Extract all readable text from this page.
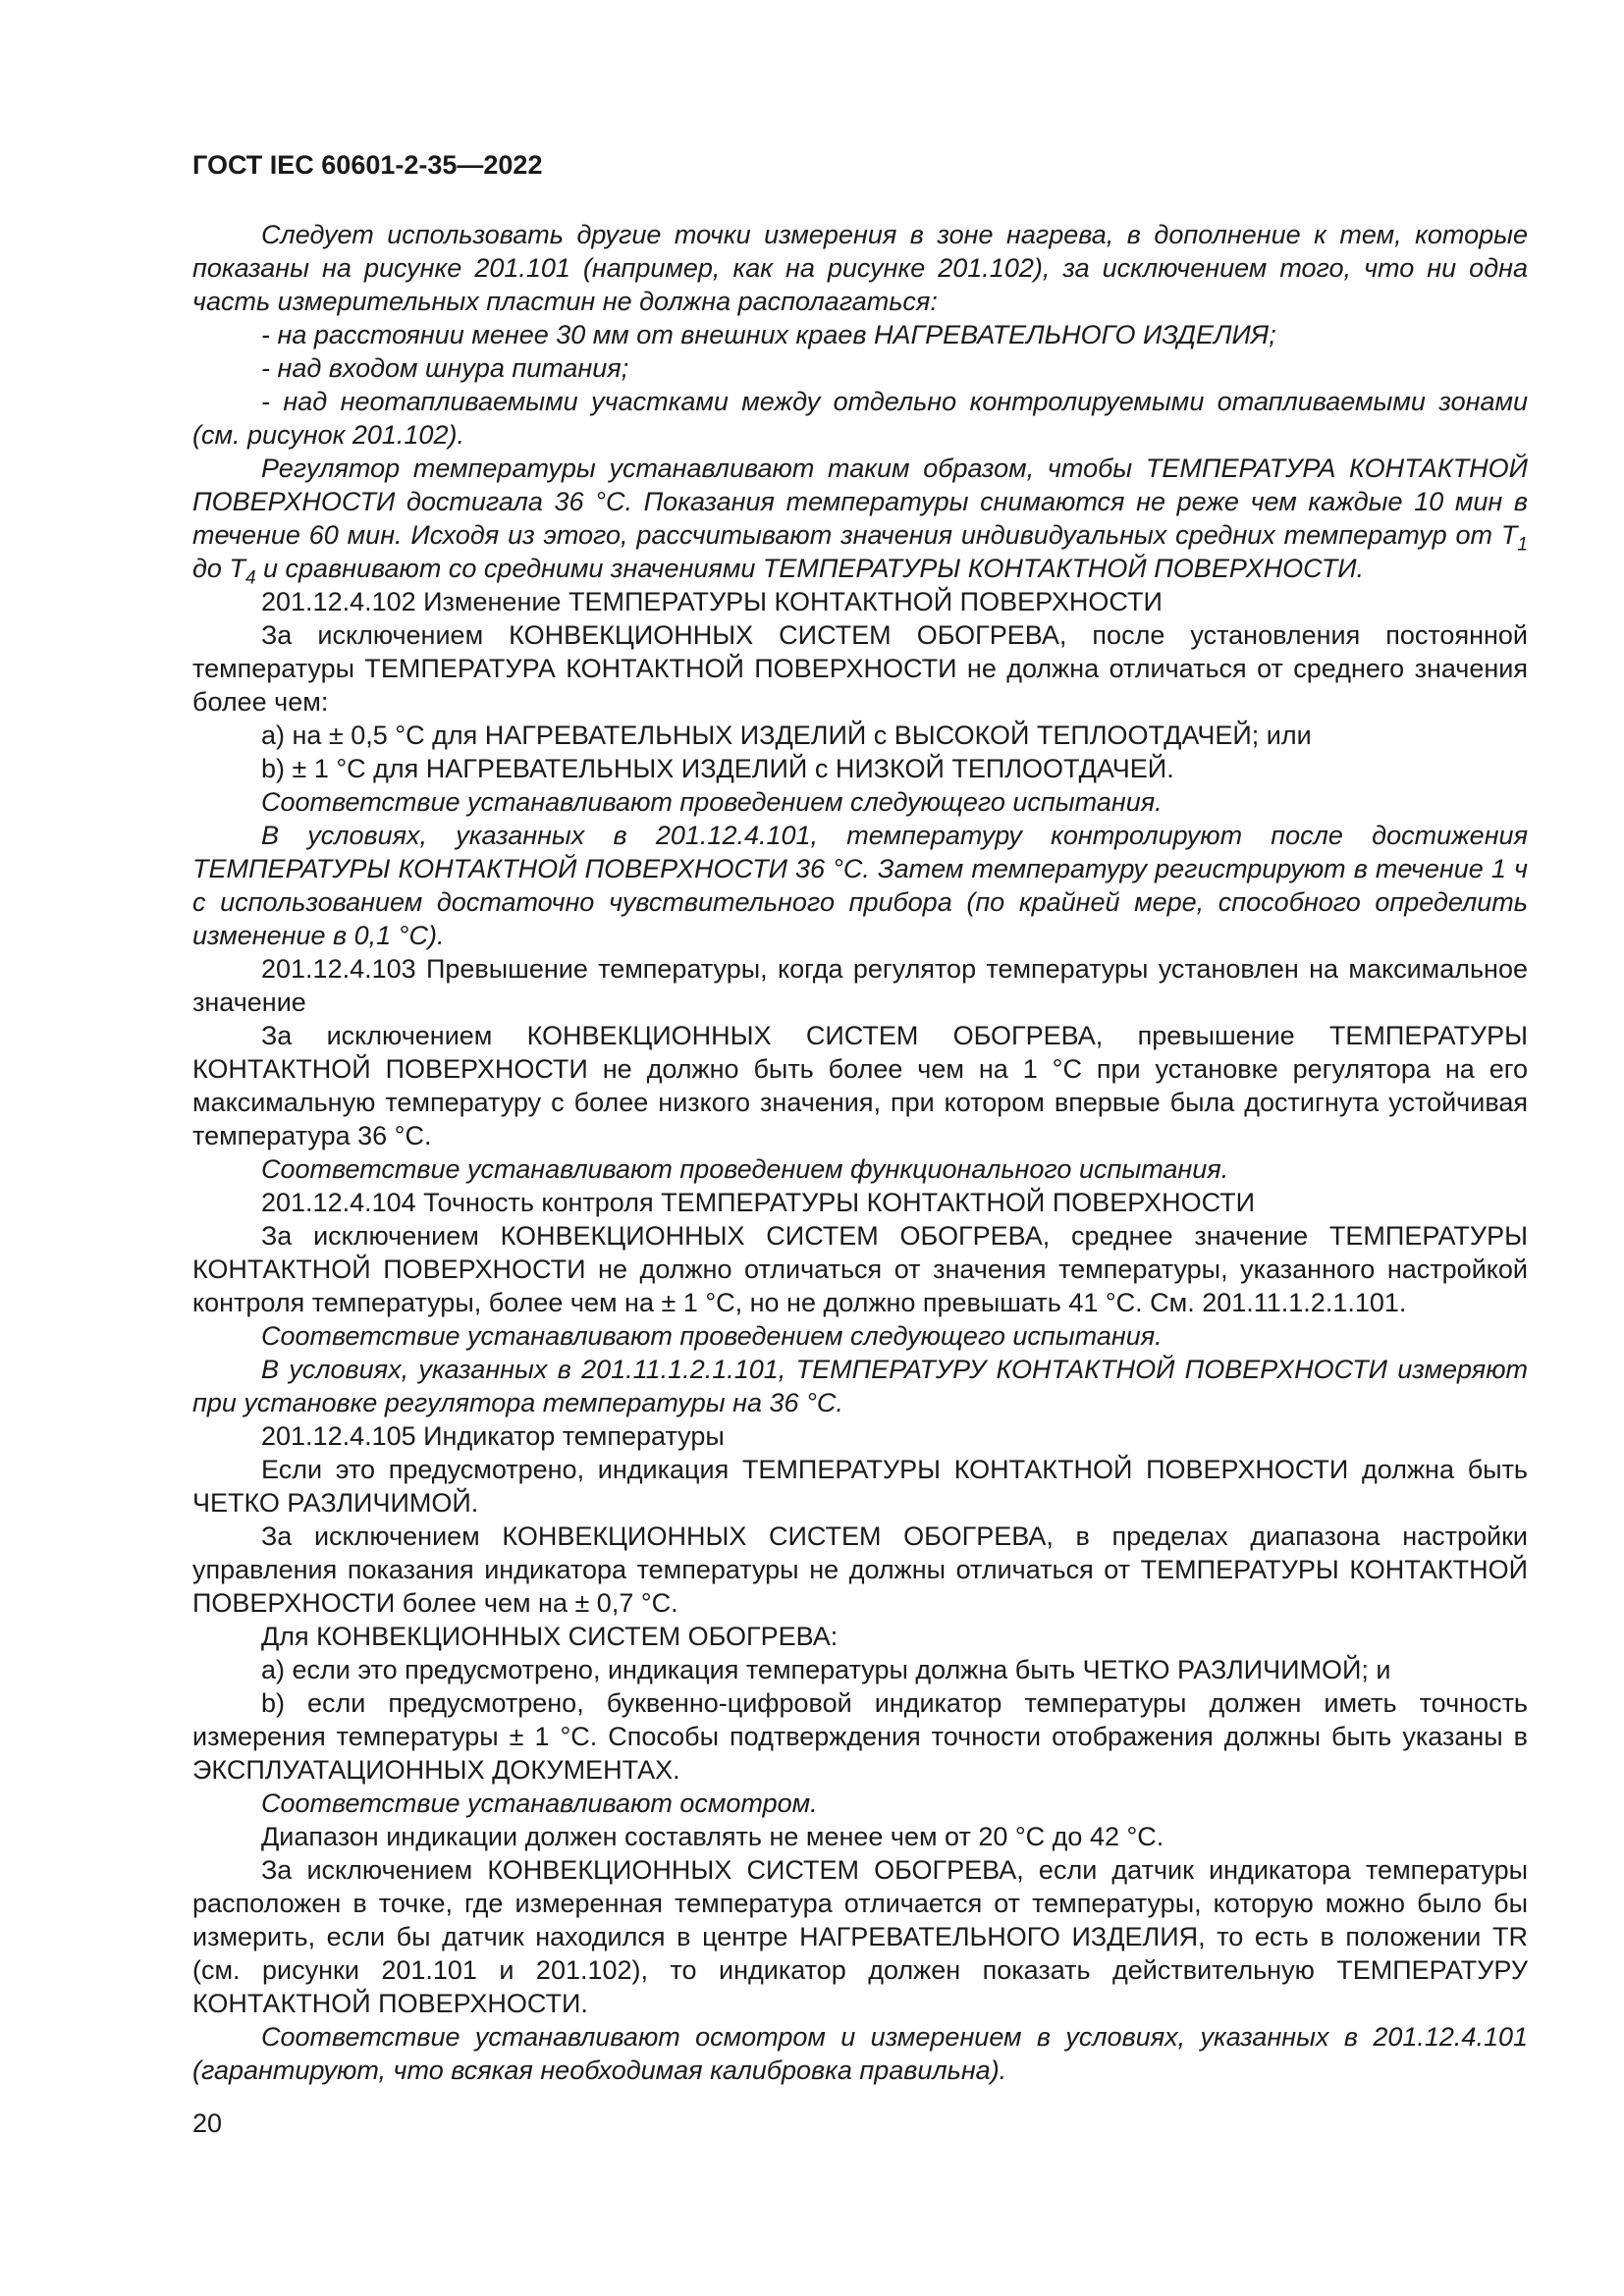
ГОСТ IEC 60601-2-35—2022

Следует использовать другие точки измерения в зоне нагрева, в дополнение к тем, которые показаны на рисунке 201.101 (например, как на рисунке 201.102), за исключением того, что ни одна часть измерительных пластин не должна располагаться:

- на расстоянии менее 30 мм от внешних краев НАГРЕВАТЕЛЬНОГО ИЗДЕЛИЯ;

- над входом шнура питания;

- над неотапливаемыми участками между отдельно контролируемыми отапливаемыми зонами (см. рисунок 201.102).

Регулятор температуры устанавливают таким образом, чтобы ТЕМПЕРАТУРА КОНТАКТНОЙ ПОВЕРХНОСТИ достигала 36 °C. Показания температуры снимаются не реже чем каждые 10 мин в течение 60 мин. Исходя из этого, рассчитывают значения индивидуальных средних температур от $T_1$ до $T_4$ и сравнивают со средними значениями ТЕМПЕРАТУРЫ КОНТАКТНОЙ ПОВЕРХНОСТИ.

201.12.4.102 Изменение ТЕМПЕРАТУРЫ КОНТАКТНОЙ ПОВЕРХНОСТИ

За исключением КОНВЕКЦИОННЫХ СИСТЕМ ОБОГРЕВА, после установления постоянной температуры ТЕМПЕРАТУРА КОНТАКТНОЙ ПОВЕРХНОСТИ не должна отличаться от среднего значения более чем:

a) на ± 0,5 °C для НАГРЕВАТЕЛЬНЫХ ИЗДЕЛИЙ с ВЫСОКОЙ ТЕПЛООТДАЧЕЙ; или

b) ± 1 °C для НАГРЕВАТЕЛЬНЫХ ИЗДЕЛИЙ с НИЗКОЙ ТЕПЛООТДАЧЕЙ.

Соответствие устанавливают проведением следующего испытания.

В условиях, указанных в 201.12.4.101, температуру контролируют после достижения ТЕМПЕРАТУРЫ КОНТАКТНОЙ ПОВЕРХНОСТИ 36 °C. Затем температуру регистрируют в течение 1 ч с использованием достаточно чувствительного прибора (по крайней мере, способного определить изменение в 0,1 °C).

201.12.4.103 Превышение температуры, когда регулятор температуры установлен на максимальное значение

За исключением КОНВЕКЦИОННЫХ СИСТЕМ ОБОГРЕВА, превышение ТЕМПЕРАТУРЫ КОНТАКТНОЙ ПОВЕРХНОСТИ не должно быть более чем на 1 °C при установке регулятора на его максимальную температуру с более низкого значения, при котором впервые была достигнута устойчивая температура 36 °C.

Соответствие устанавливают проведением функционального испытания.

201.12.4.104 Точность контроля ТЕМПЕРАТУРЫ КОНТАКТНОЙ ПОВЕРХНОСТИ

За исключением КОНВЕКЦИОННЫХ СИСТЕМ ОБОГРЕВА, среднее значение ТЕМПЕРАТУРЫ КОНТАКТНОЙ ПОВЕРХНОСТИ не должно отличаться от значения температуры, указанного настройкой контроля температуры, более чем на ± 1 °C, но не должно превышать 41 °C. См. 201.11.1.2.1.101.

Соответствие устанавливают проведением следующего испытания.

В условиях, указанных в 201.11.1.2.1.101, ТЕМПЕРАТУРУ КОНТАКТНОЙ ПОВЕРХНОСТИ измеряют при установке регулятора температуры на 36 °C.

201.12.4.105 Индикатор температуры

Если это предусмотрено, индикация ТЕМПЕРАТУРЫ КОНТАКТНОЙ ПОВЕРХНОСТИ должна быть ЧЕТКО РАЗЛИЧИМОЙ.

За исключением КОНВЕКЦИОННЫХ СИСТЕМ ОБОГРЕВА, в пределах диапазона настройки управления показания индикатора температуры не должны отличаться от ТЕМПЕРАТУРЫ КОНТАКТНОЙ ПОВЕРХНОСТИ более чем на ± 0,7 °C.

Для КОНВЕКЦИОННЫХ СИСТЕМ ОБОГРЕВА:

a) если это предусмотрено, индикация температуры должна быть ЧЕТКО РАЗЛИЧИМОЙ; и

b) если предусмотрено, буквенно-цифровой индикатор температуры должен иметь точность измерения температуры ± 1 °C. Способы подтверждения точности отображения должны быть указаны в ЭКСПЛУАТАЦИОННЫХ ДОКУМЕНТАХ.

Соответствие устанавливают осмотром.

Диапазон индикации должен составлять не менее чем от 20 °C до 42 °C.

За исключением КОНВЕКЦИОННЫХ СИСТЕМ ОБОГРЕВА, если датчик индикатора температуры расположен в точке, где измеренная температура отличается от температуры, которую можно было бы измерить, если бы датчик находился в центре НАГРЕВАТЕЛЬНОГО ИЗДЕЛИЯ, то есть в положении TR (см. рисунки 201.101 и 201.102), то индикатор должен показать действительную ТЕМПЕРАТУРУ КОНТАКТНОЙ ПОВЕРХНОСТИ.

Соответствие устанавливают осмотром и измерением в условиях, указанных в 201.12.4.101 (гарантируют, что всякая необходимая калибровка правильна).

20
